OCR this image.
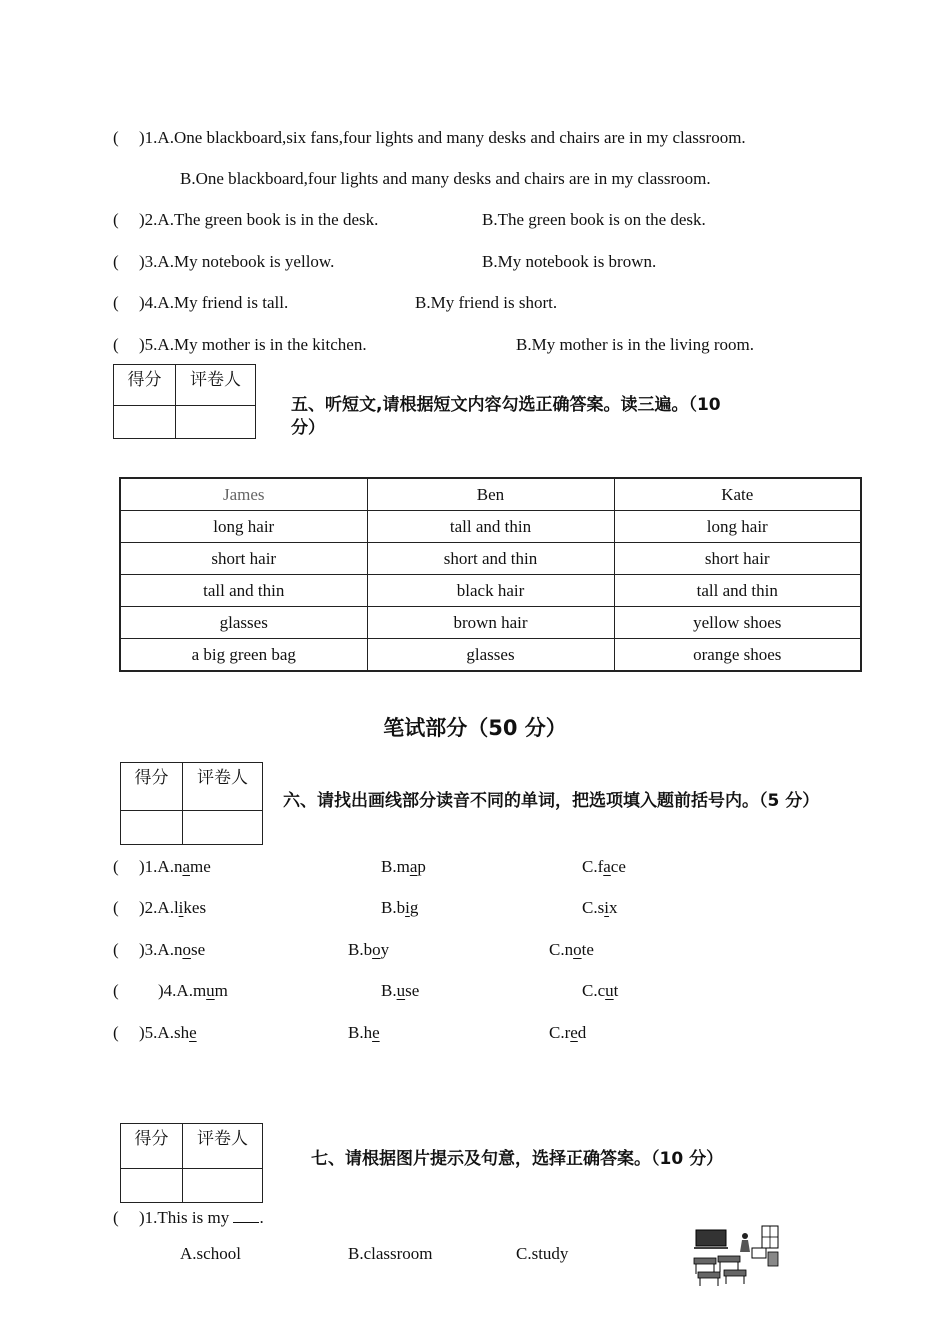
( )1.A.One blackboard,six fans,four lights and many desks and chairs are in my classroom.
B.One blackboard,four lights and many desks and chairs are in my classroom.
( )2.A.The green book is in the desk.	B.The green book is on the desk.
( )3.A.My notebook is yellow.	B.My notebook is brown.
( )4.A.My friend is tall.	B.My friend is short.
( )5.A.My mother is in the kitchen.	B.My mother is in the living room.
得分	评卷人

五、听短文,请根据短文内容勾选正确答案。读三遍。（10
分）
James	Ben	Kate
long hair	tall and thin	long hair
short hair	short and thin	short hair
tall and thin	black hair	tall and thin
glasses	brown hair	yellow shoes
a big green bag	glasses	orange shoes
笔试部分（50 分）
得分	评卷人

六、请找出画线部分读音不同的单词，把选项填入题前括号内。（5 分）
( )1.A.name	B.map	C.face
( )2.A.likes	B.big	C.six
( )3.A.nose	B.boy	C.note
( )4.A.mum	B.use	C.cut
( )5.A.she	B.he	C.red
得分	评卷人

七、请根据图片提示及句意，选择正确答案。（10 分）
( )1.This is my .
A.school	B.classroom	C.study
